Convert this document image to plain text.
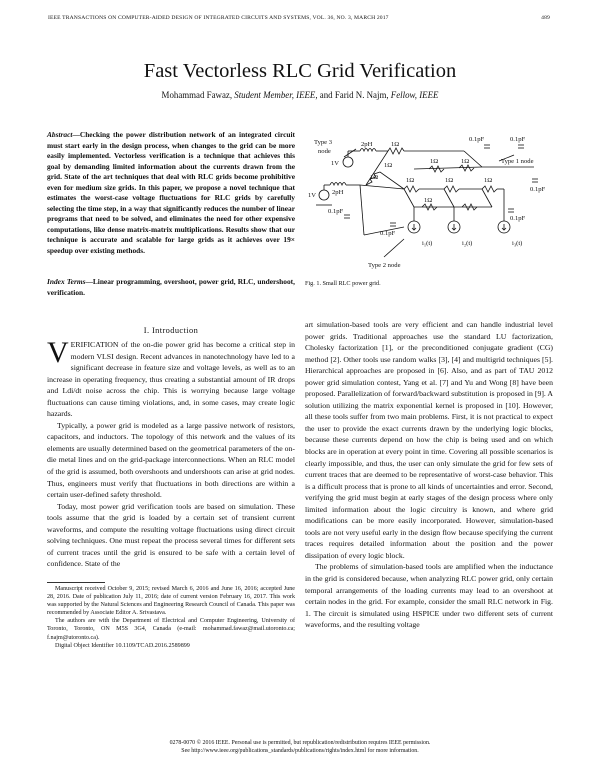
IEEE TRANSACTIONS ON COMPUTER-AIDED DESIGN OF INTEGRATED CIRCUITS AND SYSTEMS, VOL. 36, NO. 3, MARCH 2017	489
Fast Vectorless RLC Grid Verification
Mohammad Fawaz, Student Member, IEEE, and Farid N. Najm, Fellow, IEEE
Abstract—Checking the power distribution network of an integrated circuit must start early in the design process, when changes to the grid can be more easily implemented. Vectorless verification is a technique that achieves this goal by demanding limited information about the currents drawn from the grid. State of the art techniques that deal with RLC grids become prohibitive even for medium size grids. In this paper, we propose a novel technique that estimates the worst-case voltage fluctuations for RLC grids by carefully selecting the time step, in a way that significantly reduces the number of linear programs that need to be solved, and eliminates the need for other expensive computations, like dense matrix-matrix multiplications. Results show that our technique is accurate and scalable for large grids as it achieves over 19× speedup over existing methods.
Index Terms—Linear programming, overshoot, power grid, RLC, undershoot, verification.
Type 3
node
Type 1 node
Type 2 node
1V
1V
2pH
2pH
1Ω
1Ω
1Ω	1Ω
1Ω	1Ω
1Ω	1Ω
1Ω
0.1pF	0.1pF
0.1pF
0.1pF
0.1pF
0.1pF
i₁(t)	i₂(t)	i₃(t)
Fig. 1. Small RLC power grid.
I. Introduction

VERIFICATION of the on-die power grid has become a critical step in modern VLSI design. Recent advances in nanotechnology have led to a significant decrease in feature size and voltage levels, as well as to an increase in operating frequency, thus creating a substantial amount of IR drops and Ldi/dt noise across the chip. This is worrying because large voltage fluctuations can cause timing violations, and, in some cases, may create logic hazards.

Typically, a power grid is modeled as a large passive network of resistors, capacitors, and inductors. The topology of this network and the values of its elements are usually determined based on the geometrical parameters of the on-die metal lines and on the grid-package interconnections. When an RLC model of the grid is assumed, both overshoots and undershoots can arise at grid nodes. Thus, engineers must verify that fluctuations in both directions are within a certain user-defined safety threshold.

Today, most power grid verification tools are based on simulation. These tools assume that the grid is loaded by a certain set of transient current waveforms, and compute the resulting voltage fluctuations using direct circuit solving techniques. One must repeat the process several times for different sets of current traces until the grid is ensured to be safe with a certain level of confidence. State of the

art simulation-based tools are very efficient and can handle industrial level power grids. Traditional approaches use the standard LU factorization, Cholesky factorization [1], or the preconditioned conjugate gradient (CG) method [2]. Other tools use random walks [3], [4] and multigrid techniques [5]. Hierarchical approaches are proposed in [6]. Also, and as part of TAU 2012 power grid simulation contest, Yang et al. [7] and Yu and Wong [8] have been proposed. Parallelization of forward/backward substitution is proposed in [9]. A solution utilizing the matrix exponential kernel is proposed in [10]. However, all these tools suffer from two main problems. First, it is not practical to expect the user to provide the exact currents drawn by the underlying logic blocks, because these currents depend on how the chip is being used and on which blocks are in operation at every point in time. Covering all possible scenarios is clearly impossible, and thus, the user can only simulate the grid for few sets of current traces that are deemed to be representative of worst-case behavior. This is a difficult process that is prone to all kinds of uncertainties and error. Second, verifying the grid must begin at early stages of the design process where only limited information about the logic circuitry is known, and where grid modifications can be more easily incorporated. However, simulation-based tools are not very useful early in the design flow because specifying the current traces requires detailed information about the position and the power dissipation of every logic block.

The problems of simulation-based tools are amplified when the inductance in the grid is considered because, when analyzing RLC power grid, only certain temporal arrangements of the loading currents may lead to an overshoot at certain nodes in the grid. For example, consider the small RLC network in Fig. 1. The circuit is simulated using HSPICE under two different sets of current waveforms, and the resulting voltage

Manuscript received October 9, 2015; revised March 6, 2016 and June 16, 2016; accepted June 28, 2016. Date of publication July 11, 2016; date of current version February 16, 2017. This work was supported by the Natural Sciences and Engineering Research Council of Canada. This paper was recommended by Associate Editor A. Srivastava.

The authors are with the Department of Electrical and Computer Engineering, University of Toronto, Toronto, ON M5S 3G4, Canada (e-mail: mohammad.fawaz@mail.utoronto.ca; f.najm@utoronto.ca).

Digital Object Identifier 10.1109/TCAD.2016.2589899

0278-0070 © 2016 IEEE. Personal use is permitted, but republication/redistribution requires IEEE permission.
See http://www.ieee.org/publications_standards/publications/rights/index.html for more information.
